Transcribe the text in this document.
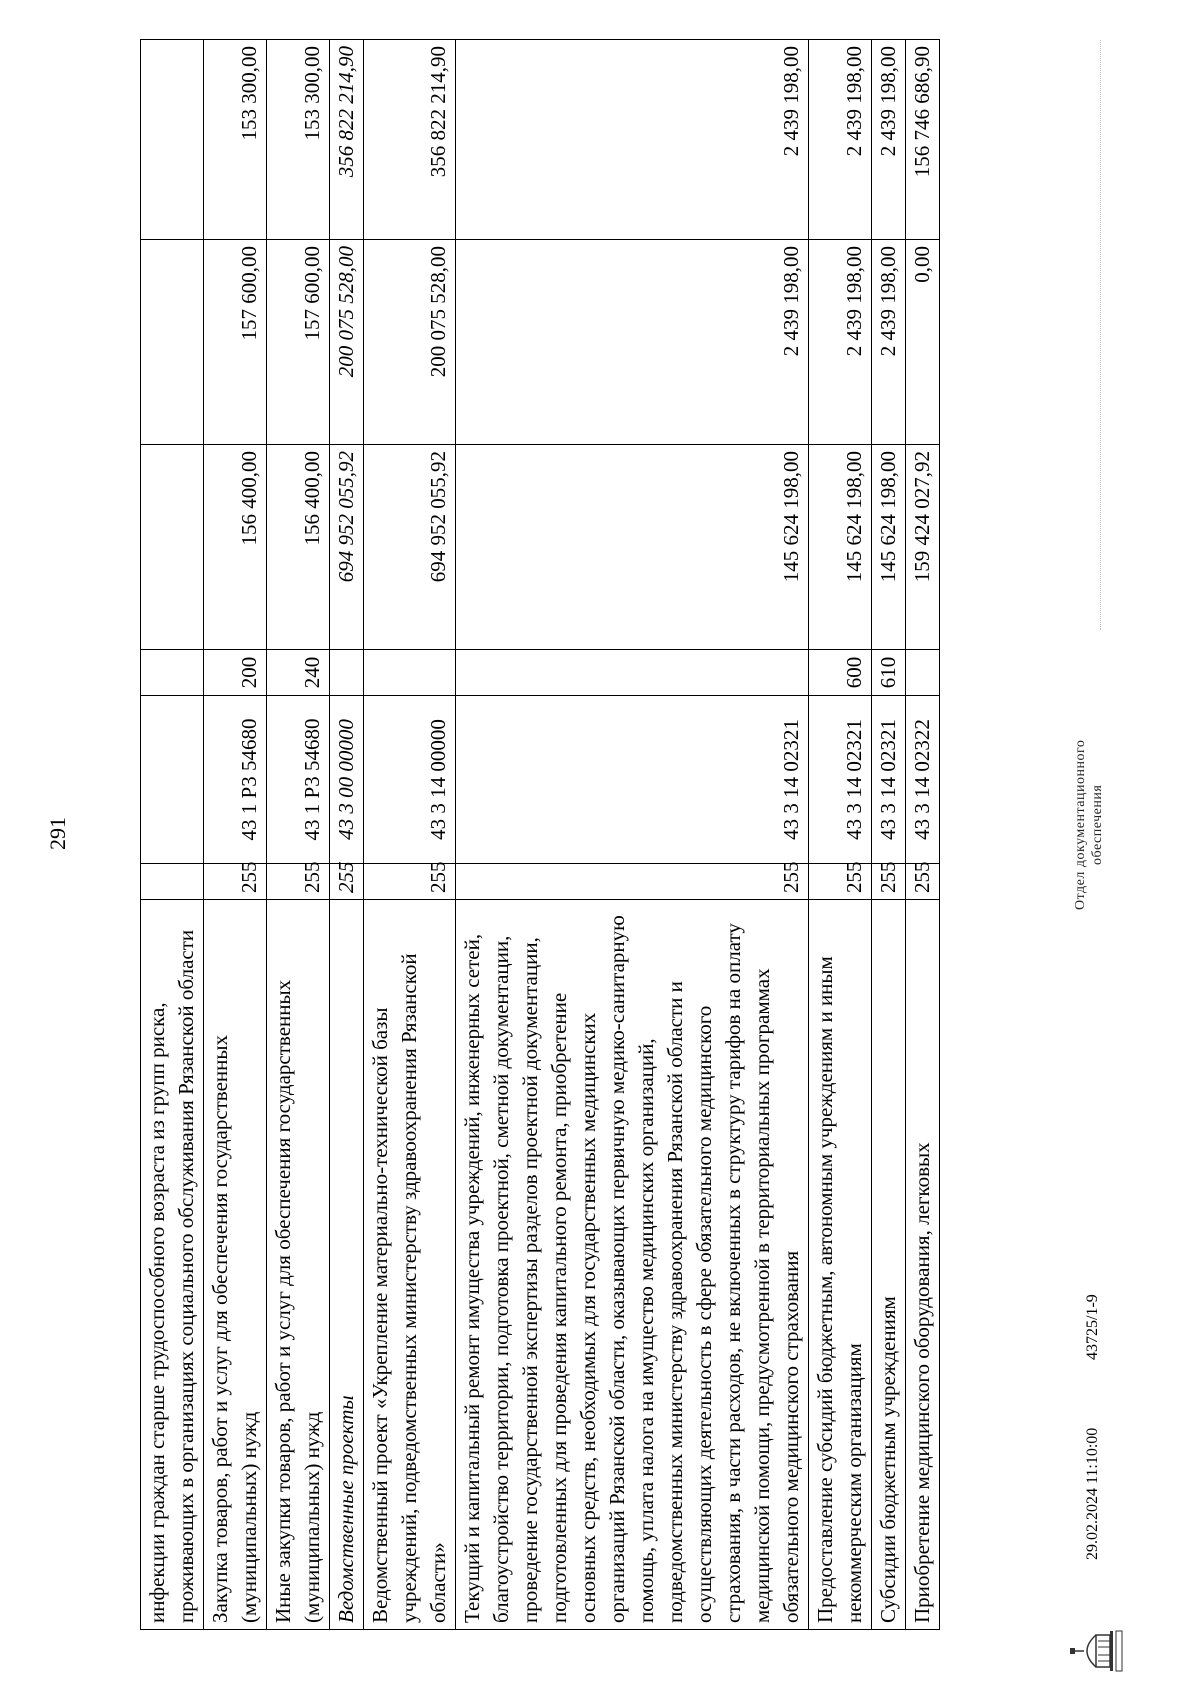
291
инфекции граждан старше трудоспособного возраста из групп риска, проживающих в организациях социального обслуживания Рязанской области						
Закупка товаров, работ и услуг для обеспечения государственных (муниципальных) нужд	255	43 1 Р3 54680	200	156 400,00	157 600,00	153 300,00
Иные закупки товаров, работ и услуг для обеспечения государственных (муниципальных) нужд	255	43 1 Р3 54680	240	156 400,00	157 600,00	153 300,00
Ведомственные проекты	255	43 3 00 00000		694 952 055,92	200 075 528,00	356 822 214,90
Ведомственный проект «Укрепление материально-технической базы учреждений, подведомственных министерству здравоохранения Рязанской области»	255	43 3 14 00000		694 952 055,92	200 075 528,00	356 822 214,90
Текущий и капитальный ремонт имущества учреждений, инженерных сетей, благоустройство территории, подготовка проектной, сметной документации, проведение государственной экспертизы разделов проектной документации, подготовленных для проведения капитального ремонта, приобретение основных средств, необходимых для государственных медицинских организаций Рязанской области, оказывающих первичную медико-санитарную помощь, уплата налога на имущество медицинских организаций, подведомственных министерству здравоохранения Рязанской области и осуществляющих деятельность в сфере обязательного медицинского страхования, в части расходов, не включенных в структуру тарифов на оплату медицинской помощи, предусмотренной в территориальных программах обязательного медицинского страхования	255	43 3 14 02321		145 624 198,00	2 439 198,00	2 439 198,00
Предоставление субсидий бюджетным, автономным учреждениям и иным некоммерческим организациям	255	43 3 14 02321	600	145 624 198,00	2 439 198,00	2 439 198,00
Субсидии бюджетным учреждениям	255	43 3 14 02321	610	145 624 198,00	2 439 198,00	2 439 198,00
Приобретение медицинского оборудования, легковых	255	43 3 14 02322		159 424 027,92	0,00	156 746 686,90
29.02.2024 11:10:00
43725/1-9
Отдел документационного обеспечения
